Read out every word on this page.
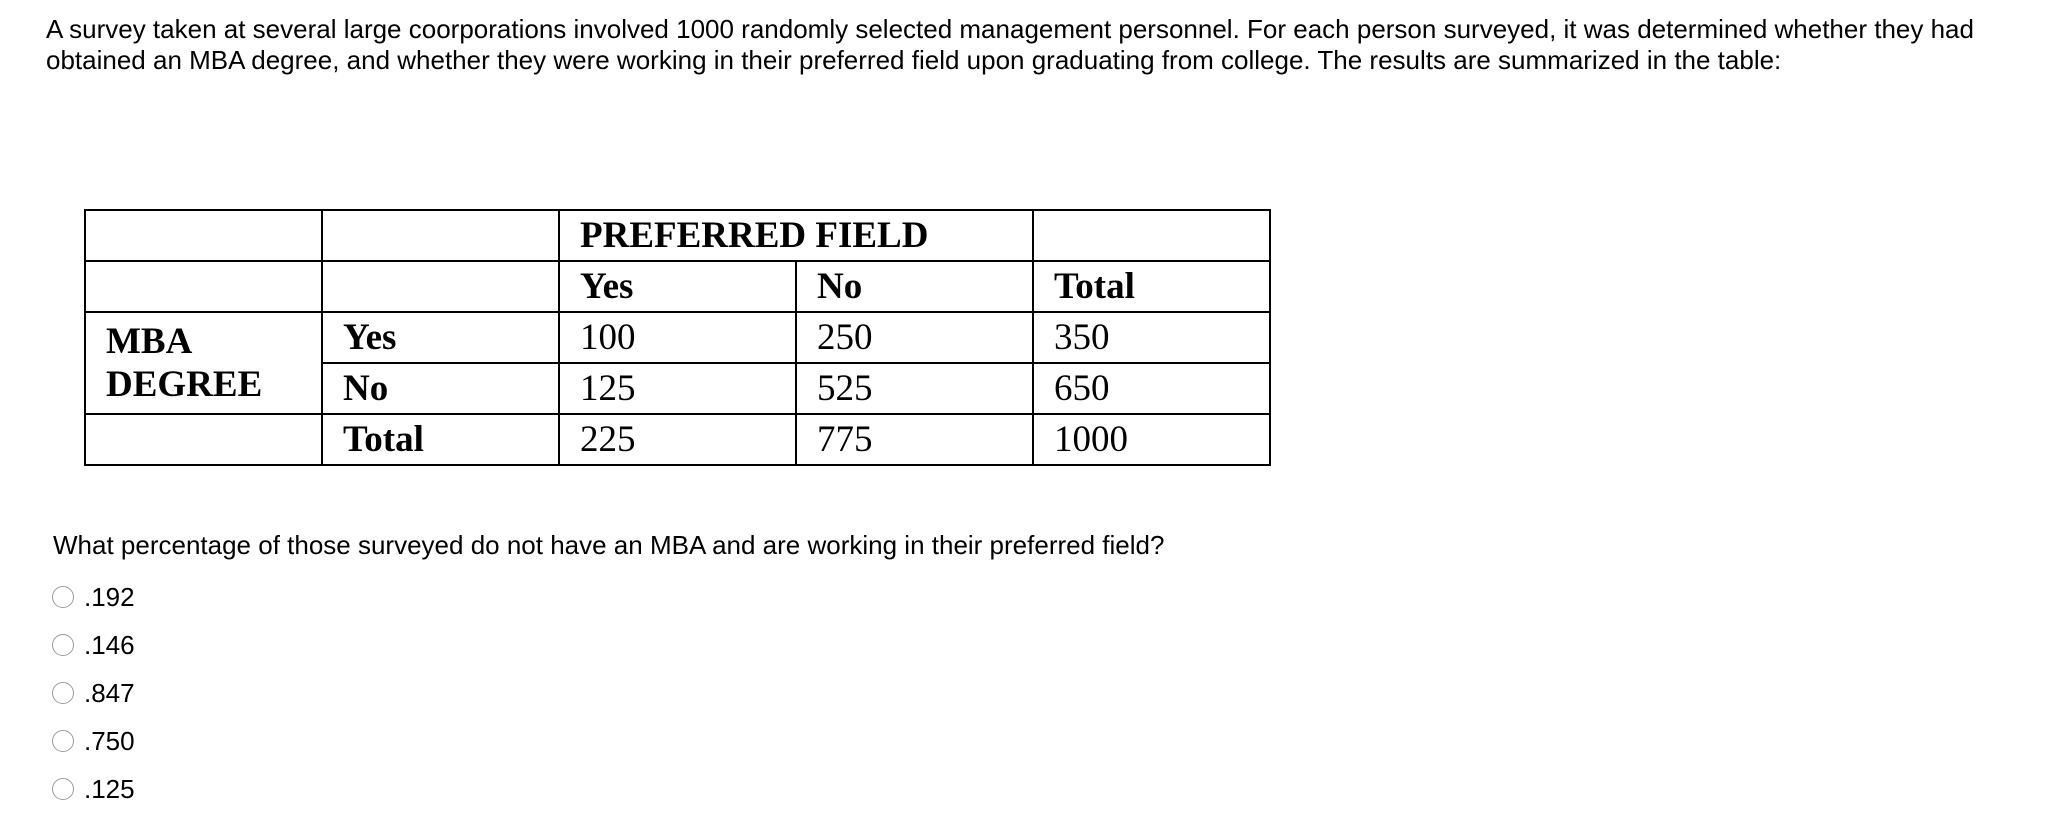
A survey taken at several large coorporations involved 1000 randomly selected management personnel. For each person surveyed, it was determined whether they had obtained an MBA degree, and whether they were working in their preferred field upon graduating from college. The results are summarized in the table:

		PREFERRED FIELD		
		Yes	No	Total

MBA
DEGREE	Yes	100	250	350
	No	125	525	650
	Total	225	775	1000

What percentage of those surveyed do not have an MBA and are working in their preferred field?

.192
.146
.847
.750
.125
